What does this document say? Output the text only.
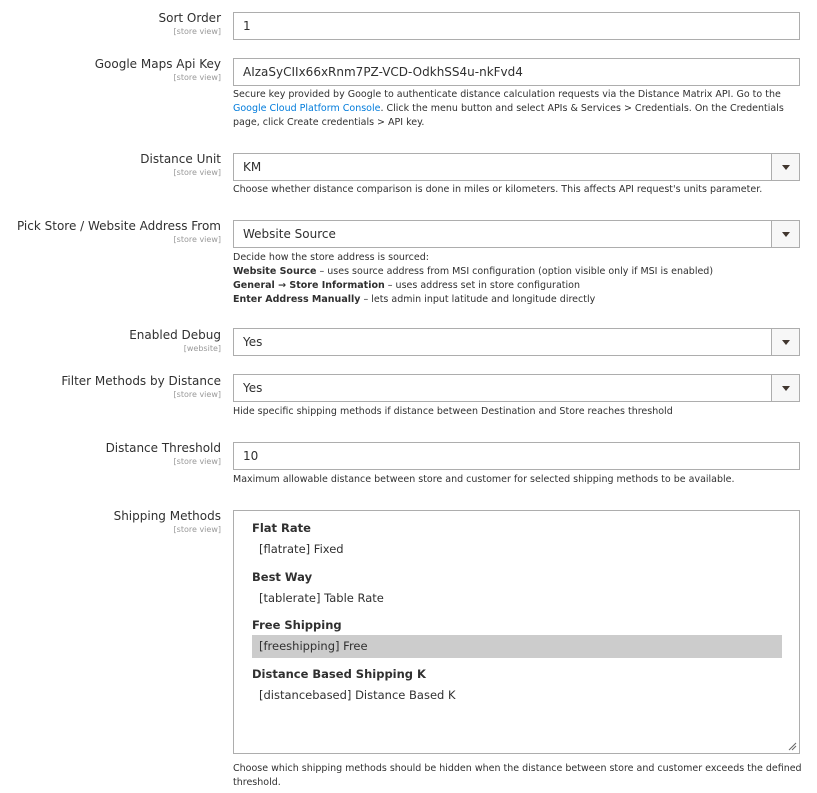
Sort Order
[store view] 1
Google Maps Api Key
[store view] AIzaSyCIIx66xRnm7PZ-VCD-OdkhSS4u-nkFvd4
Secure key provided by Google to authenticate distance calculation requests via the Distance Matrix API. Go to the Google Cloud Platform Console. Click the menu button and select APIs & Services > Credentials. On the Credentials page, click Create credentials > API key.
Distance Unit
[store view] KM
Choose whether distance comparison is done in miles or kilometers. This affects API request's units parameter.
Pick Store / Website Address From
[store view] Website Source
Decide how the store address is sourced:
Website Source – uses source address from MSI configuration (option visible only if MSI is enabled)
General → Store Information – uses address set in store configuration
Enter Address Manually – lets admin input latitude and longitude directly
Enabled Debug
[website] Yes
Filter Methods by Distance
[store view] Yes
Hide specific shipping methods if distance between Destination and Store reaches threshold
Distance Threshold
[store view] 10
Maximum allowable distance between store and customer for selected shipping methods to be available.
Shipping Methods
[store view]	Flat Rate
[flatrate] Fixed
Best Way
[tablerate] Table Rate
Free Shipping
[freeshipping] Free
Distance Based Shipping K
[distancebased] Distance Based K
Choose which shipping methods should be hidden when the distance between store and customer exceeds the defined threshold.
